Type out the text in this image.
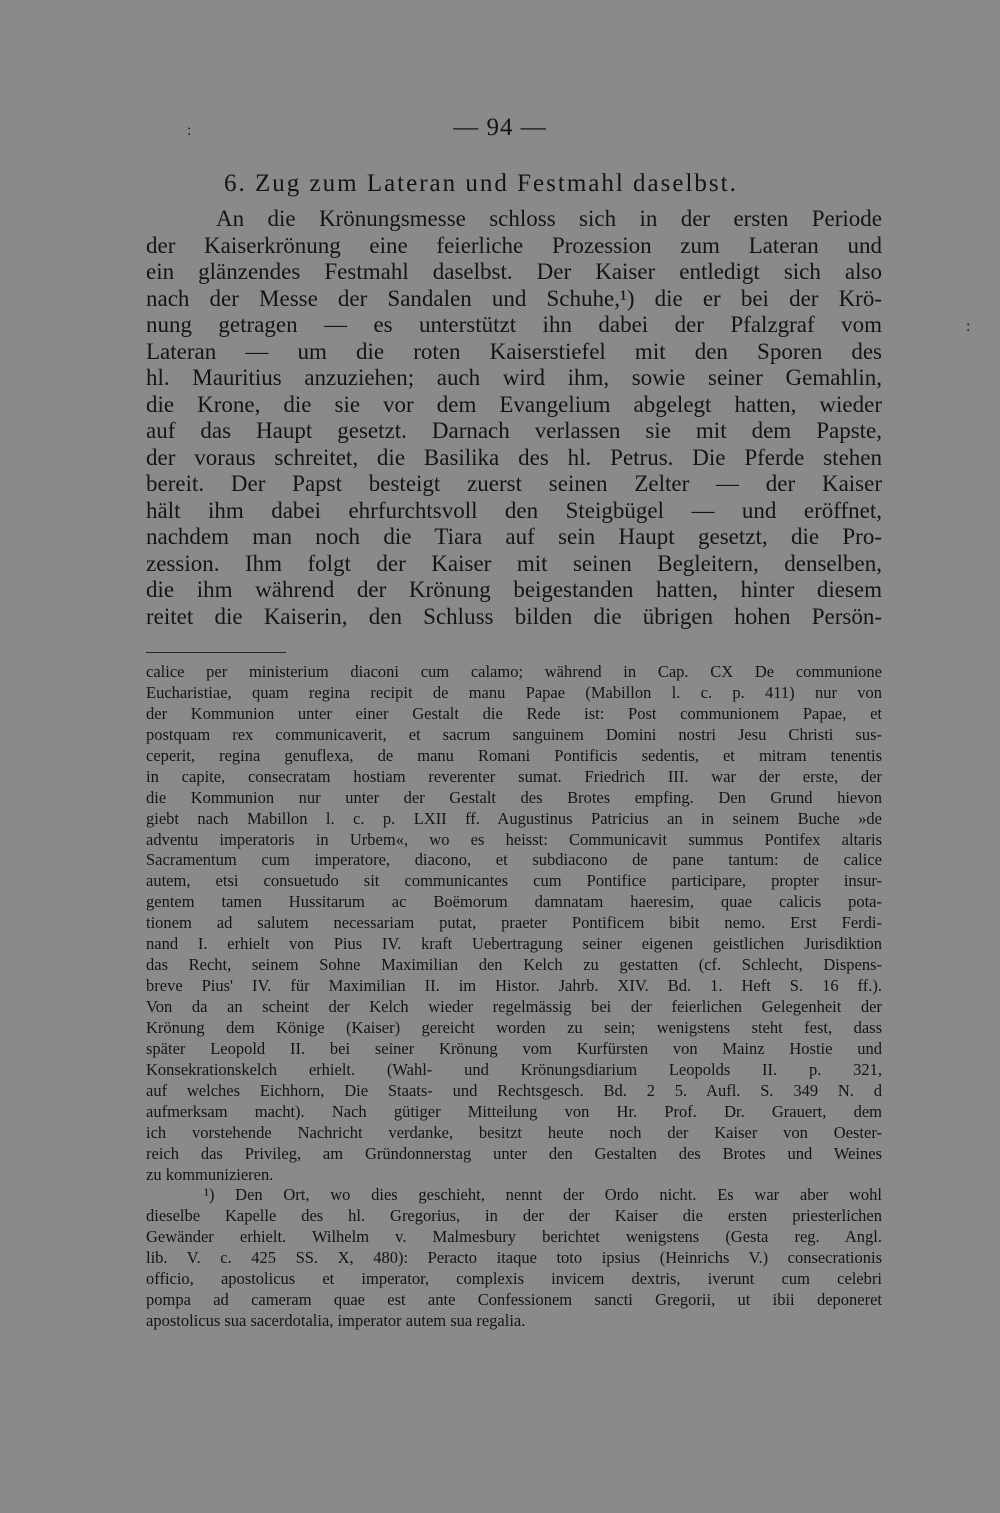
:
:
— 94 —
6. Zug zum Lateran und Festmahl daselbst.
An die Krönungsmesse schloss sich in der ersten Periode
der Kaiserkrönung eine feierliche Prozession zum Lateran und
ein glänzendes Festmahl daselbst. Der Kaiser entledigt sich also
nach der Messe der Sandalen und Schuhe,¹) die er bei der Krö-
nung getragen — es unterstützt ihn dabei der Pfalzgraf vom
Lateran — um die roten Kaiserstiefel mit den Sporen des
hl. Mauritius anzuziehen; auch wird ihm, sowie seiner Gemahlin,
die Krone, die sie vor dem Evangelium abgelegt hatten, wieder
auf das Haupt gesetzt. Darnach verlassen sie mit dem Papste,
der voraus schreitet, die Basilika des hl. Petrus. Die Pferde stehen
bereit. Der Papst besteigt zuerst seinen Zelter — der Kaiser
hält ihm dabei ehrfurchtsvoll den Steigbügel — und eröffnet,
nachdem man noch die Tiara auf sein Haupt gesetzt, die Pro-
zession. Ihm folgt der Kaiser mit seinen Begleitern, denselben,
die ihm während der Krönung beigestanden hatten, hinter diesem
reitet die Kaiserin, den Schluss bilden die übrigen hohen Persön-
calice per ministerium diaconi cum calamo; während in Cap. CX De communione
Eucharistiae, quam regina recipit de manu Papae (Mabillon l. c. p. 411) nur von
der Kommunion unter einer Gestalt die Rede ist: Post communionem Papae, et
postquam rex communicaverit, et sacrum sanguinem Domini nostri Jesu Christi sus-
ceperit, regina genuflexa, de manu Romani Pontificis sedentis, et mitram tenentis
in capite, consecratam hostiam reverenter sumat. Friedrich III. war der erste, der
die Kommunion nur unter der Gestalt des Brotes empfing. Den Grund hievon
giebt nach Mabillon l. c. p. LXII ff. Augustinus Patricius an in seinem Buche »de
adventu imperatoris in Urbem«, wo es heisst: Communicavit summus Pontifex altaris
Sacramentum cum imperatore, diacono, et subdiacono de pane tantum: de calice
autem, etsi consuetudo sit communicantes cum Pontifice participare, propter insur-
gentem tamen Hussitarum ac Boëmorum damnatam haeresim, quae calicis pota-
tionem ad salutem necessariam putat, praeter Pontificem bibit nemo. Erst Ferdi-
nand I. erhielt von Pius IV. kraft Uebertragung seiner eigenen geistlichen Jurisdiktion
das Recht, seinem Sohne Maximilian den Kelch zu gestatten (cf. Schlecht, Dispens-
breve Pius' IV. für Maximilian II. im Histor. Jahrb. XIV. Bd. 1. Heft S. 16 ff.).
Von da an scheint der Kelch wieder regelmässig bei der feierlichen Gelegenheit der
Krönung dem Könige (Kaiser) gereicht worden zu sein; wenigstens steht fest, dass
später Leopold II. bei seiner Krönung vom Kurfürsten von Mainz Hostie und
Konsekrationskelch erhielt. (Wahl- und Krönungsdiarium Leopolds II. p. 321,
auf welches Eichhorn, Die Staats- und Rechtsgesch. Bd. 2 5. Aufl. S. 349 N. d
aufmerksam macht). Nach gütiger Mitteilung von Hr. Prof. Dr. Grauert, dem
ich vorstehende Nachricht verdanke, besitzt heute noch der Kaiser von Oester-
reich das Privileg, am Gründonnerstag unter den Gestalten des Brotes und Weines
zu kommunizieren.
¹) Den Ort, wo dies geschieht, nennt der Ordo nicht. Es war aber wohl
dieselbe Kapelle des hl. Gregorius, in der der Kaiser die ersten priesterlichen
Gewänder erhielt. Wilhelm v. Malmesbury berichtet wenigstens (Gesta reg. Angl.
lib. V. c. 425 SS. X, 480): Peracto itaque toto ipsius (Heinrichs V.) consecrationis
officio, apostolicus et imperator, complexis invicem dextris, iverunt cum celebri
pompa ad cameram quae est ante Confessionem sancti Gregorii, ut ibii deponeret
apostolicus sua sacerdotalia, imperator autem sua regalia.
